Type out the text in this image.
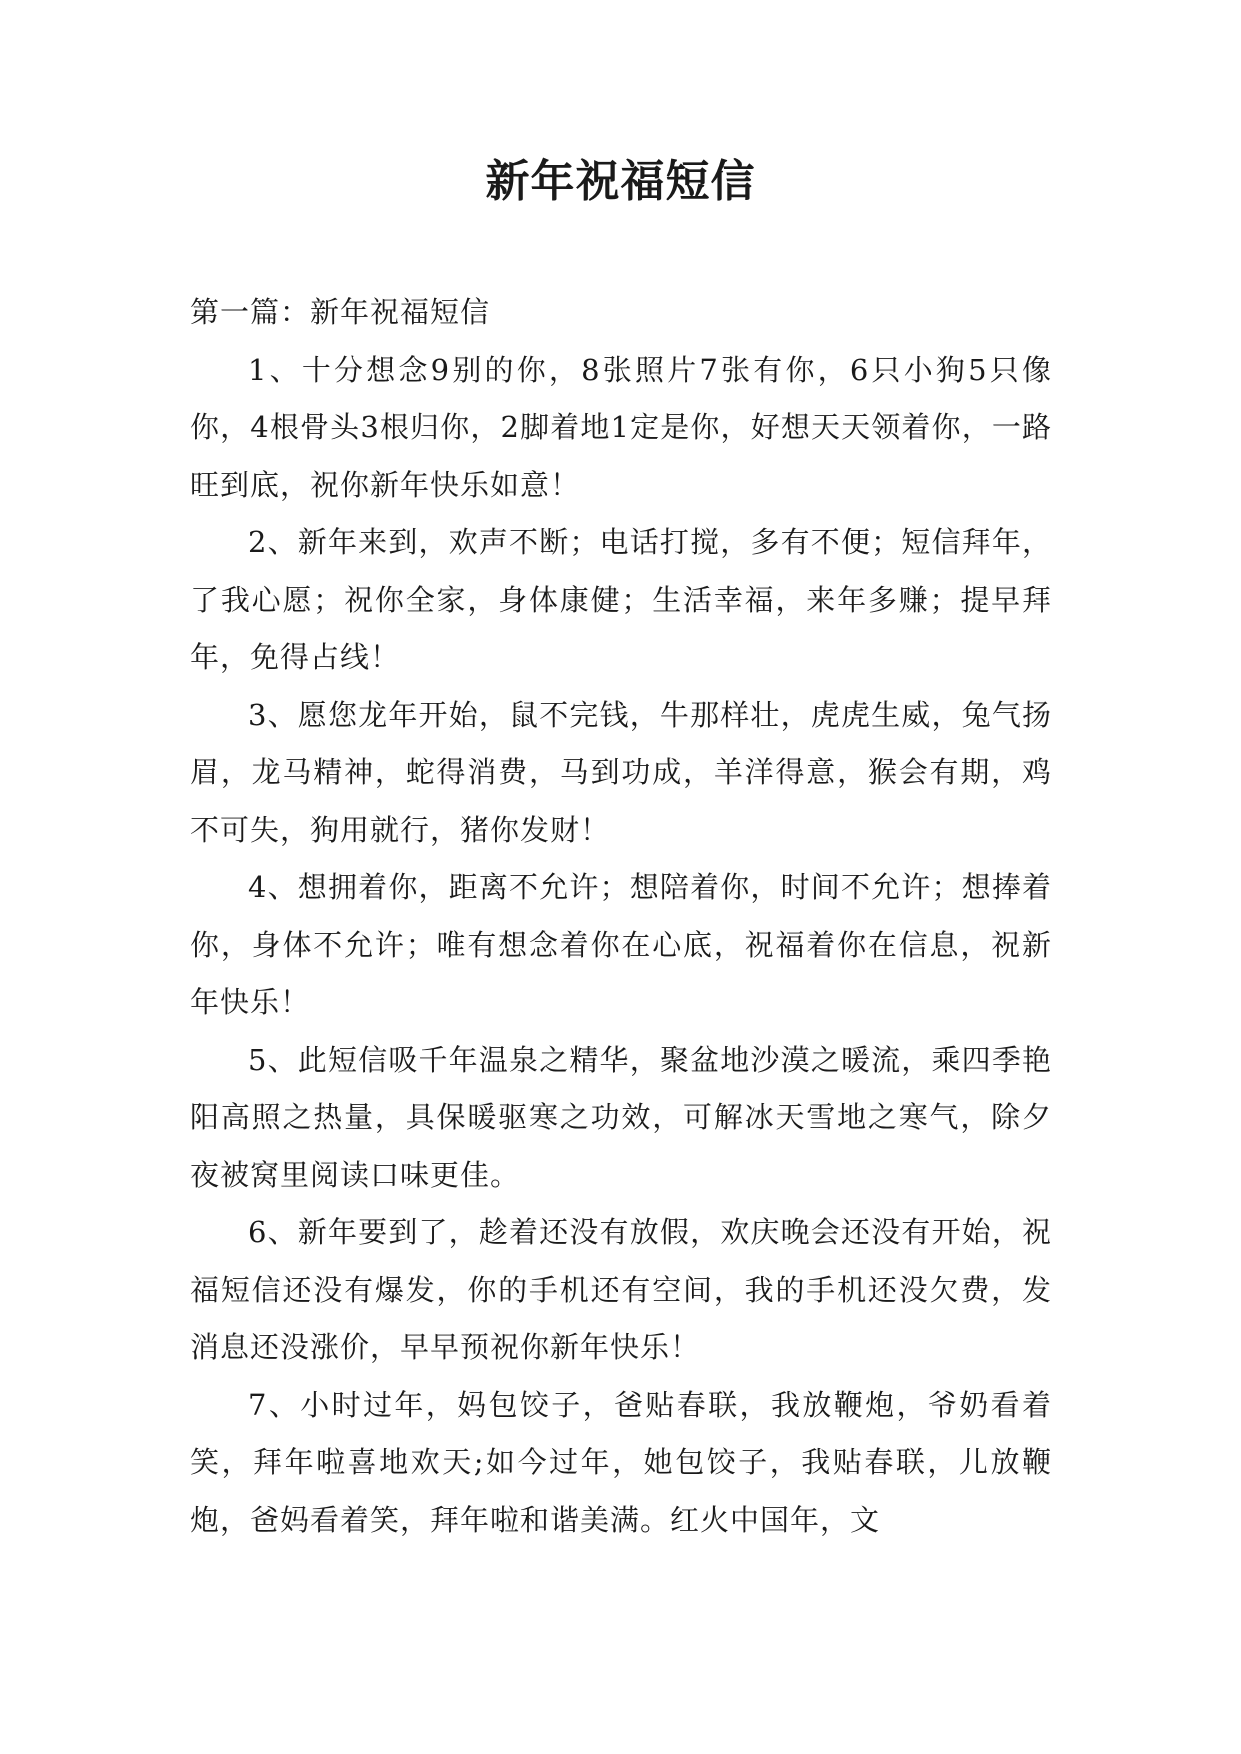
新年祝福短信
第一篇：新年祝福短信

1、十分想念9别的你，8张照片7张有你，6只小狗5只像你，4根骨头3根归你，2脚着地1定是你，好想天天领着你，一路旺到底，祝你新年快乐如意！

2、新年来到，欢声不断；电话打搅，多有不便；短信拜年，了我心愿；祝你全家，身体康健；生活幸福，来年多赚；提早拜年，免得占线！

3、愿您龙年开始，鼠不完钱，牛那样壮，虎虎生威，兔气扬眉，龙马精神，蛇得消费，马到功成，羊洋得意，猴会有期，鸡不可失，狗用就行，猪你发财！

4、想拥着你，距离不允许；想陪着你，时间不允许；想捧着你，身体不允许；唯有想念着你在心底，祝福着你在信息，祝新年快乐！

5、此短信吸千年温泉之精华，聚盆地沙漠之暖流，乘四季艳阳高照之热量，具保暖驱寒之功效，可解冰天雪地之寒气，除夕夜被窝里阅读口味更佳。

6、新年要到了，趁着还没有放假，欢庆晚会还没有开始，祝福短信还没有爆发，你的手机还有空间，我的手机还没欠费，发消息还没涨价，早早预祝你新年快乐！

7、小时过年，妈包饺子，爸贴春联，我放鞭炮，爷奶看着笑，拜年啦喜地欢天;如今过年，她包饺子，我贴春联，儿放鞭炮，爸妈看着笑，拜年啦和谐美满。红火中国年，文
